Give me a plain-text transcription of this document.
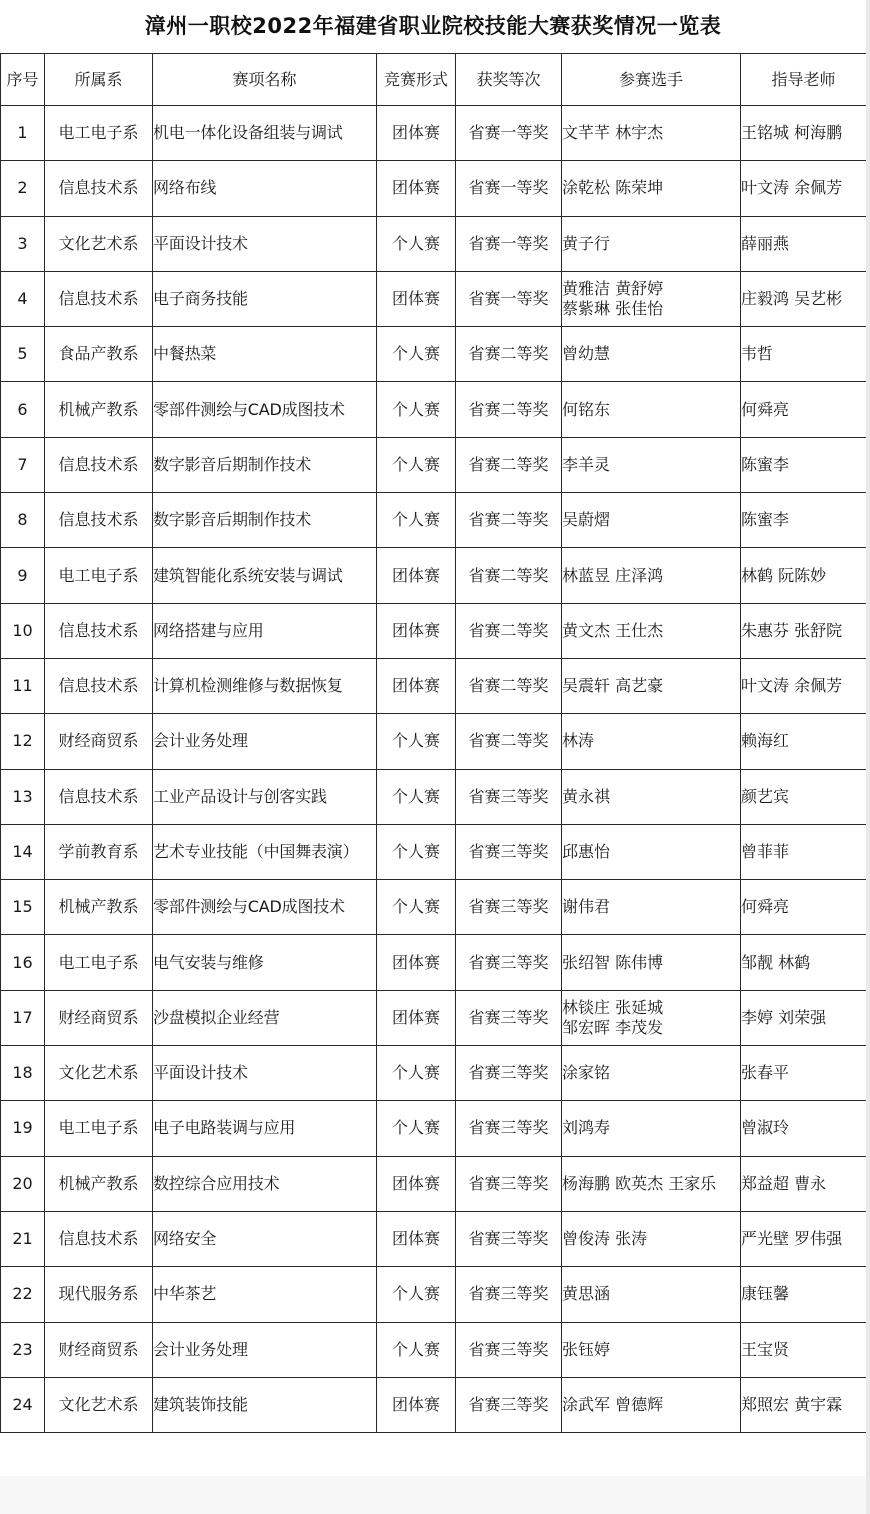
漳州一职校2022年福建省职业院校技能大赛获奖情况一览表
序号	所属系	赛项名称	竞赛形式	获奖等次	参赛选手	指导老师
1	电工电子系	机电一体化设备组装与调试	团体赛	省赛一等奖	文芊芊 林宇杰	王铭城 柯海鹏
2	信息技术系	网络布线	团体赛	省赛一等奖	涂乾松 陈荣坤	叶文涛 余佩芳
3	文化艺术系	平面设计技术	个人赛	省赛一等奖	黄子行	薛丽燕
4	信息技术系	电子商务技能	团体赛	省赛一等奖	黄雅洁 黄舒婷
蔡紫琳 张佳怡	庄毅鸿 吴艺彬
5	食品产教系	中餐热菜	个人赛	省赛二等奖	曾幼慧	韦哲
6	机械产教系	零部件测绘与CAD成图技术	个人赛	省赛二等奖	何铭东	何舜亮
7	信息技术系	数字影音后期制作技术	个人赛	省赛二等奖	李羊灵	陈蜜李
8	信息技术系	数字影音后期制作技术	个人赛	省赛二等奖	吴蔚熠	陈蜜李
9	电工电子系	建筑智能化系统安装与调试	团体赛	省赛二等奖	林蓝昱 庄泽鸿	林鹤 阮陈妙
10	信息技术系	网络搭建与应用	团体赛	省赛二等奖	黄文杰 王仕杰	朱惠芬 张舒院
11	信息技术系	计算机检测维修与数据恢复	团体赛	省赛二等奖	吴震轩 高艺豪	叶文涛 余佩芳
12	财经商贸系	会计业务处理	个人赛	省赛二等奖	林涛	赖海红
13	信息技术系	工业产品设计与创客实践	个人赛	省赛三等奖	黄永祺	颜艺宾
14	学前教育系	艺术专业技能（中国舞表演）	个人赛	省赛三等奖	邱惠怡	曾菲菲
15	机械产教系	零部件测绘与CAD成图技术	个人赛	省赛三等奖	谢伟君	何舜亮
16	电工电子系	电气安装与维修	团体赛	省赛三等奖	张绍智 陈伟博	邹靓 林鹤
17	财经商贸系	沙盘模拟企业经营	团体赛	省赛三等奖	林锬庄 张延城
邹宏晖 李茂发	李婷 刘荣强
18	文化艺术系	平面设计技术	个人赛	省赛三等奖	涂家铭	张春平
19	电工电子系	电子电路装调与应用	个人赛	省赛三等奖	刘鸿寿	曾淑玲
20	机械产教系	数控综合应用技术	团体赛	省赛三等奖	杨海鹏 欧英杰 王家乐	郑益超 曹永
21	信息技术系	网络安全	团体赛	省赛三等奖	曾俊涛 张涛	严光壁 罗伟强
22	现代服务系	中华茶艺	个人赛	省赛三等奖	黄思涵	康钰馨
23	财经商贸系	会计业务处理	个人赛	省赛三等奖	张钰婷	王宝贤
24	文化艺术系	建筑装饰技能	团体赛	省赛三等奖	涂武军 曾德辉	郑照宏 黄宇霖
